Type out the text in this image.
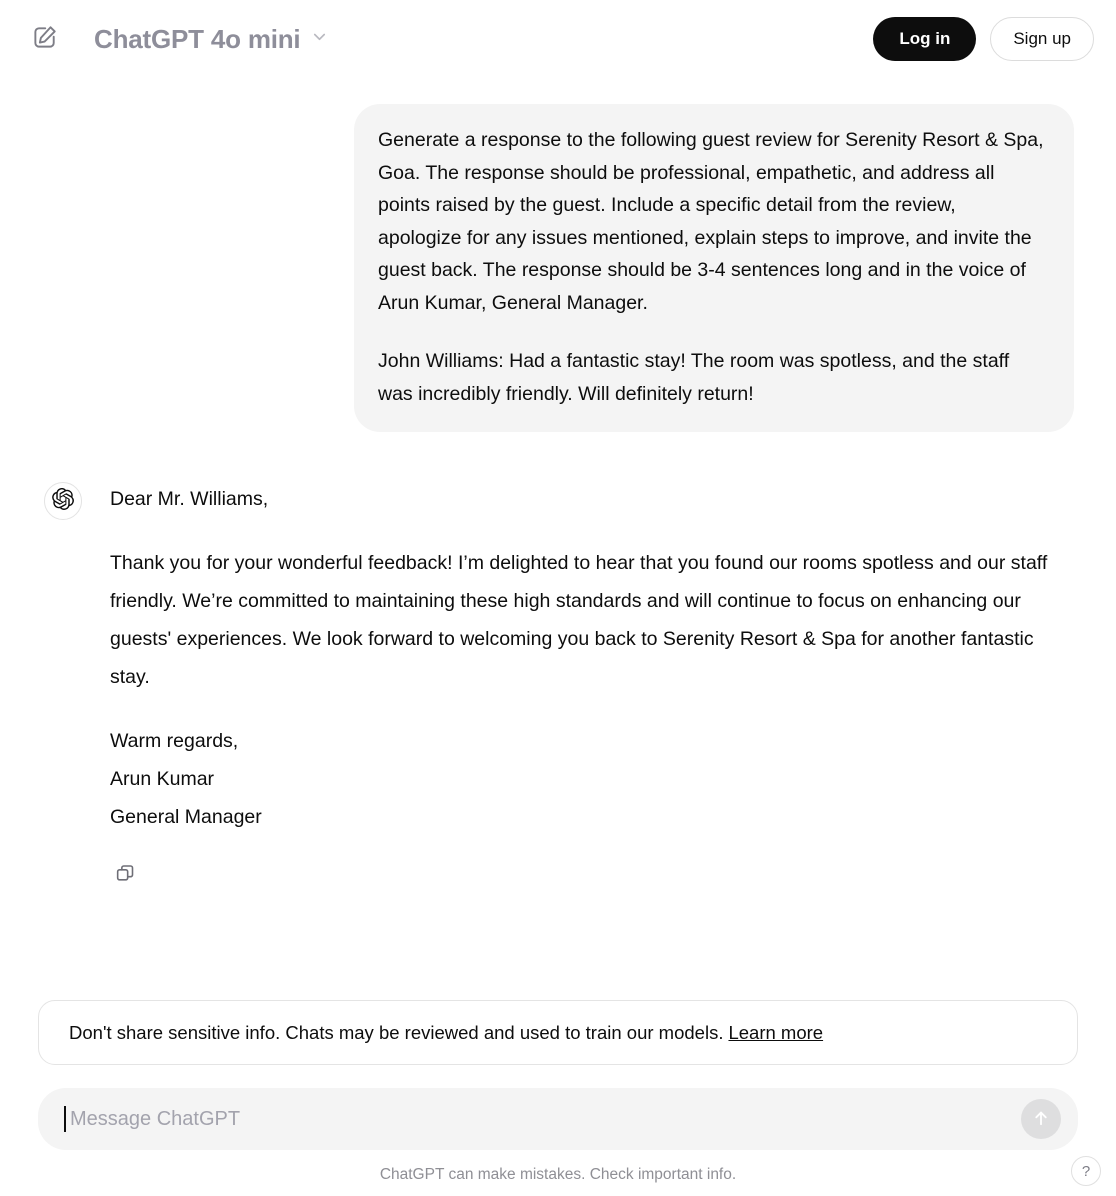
ChatGPT 4o mini	Log in	Sign up

Generate a response to the following guest review for Serenity Resort & Spa, Goa. The response should be professional, empathetic, and address all points raised by the guest. Include a specific detail from the review, apologize for any issues mentioned, explain steps to improve, and invite the guest back. The response should be 3-4 sentences long and in the voice of Arun Kumar, General Manager.

John Williams: Had a fantastic stay! The room was spotless, and the staff was incredibly friendly. Will definitely return!

Dear Mr. Williams,

Thank you for your wonderful feedback! I’m delighted to hear that you found our rooms spotless and our staff friendly. We’re committed to maintaining these high standards and will continue to focus on enhancing our guests' experiences. We look forward to welcoming you back to Serenity Resort & Spa for another fantastic stay.

Warm regards,
Arun Kumar
General Manager

Don't share sensitive info. Chats may be reviewed and used to train our models. Learn more
Message ChatGPT
ChatGPT can make mistakes. Check important info.	?
